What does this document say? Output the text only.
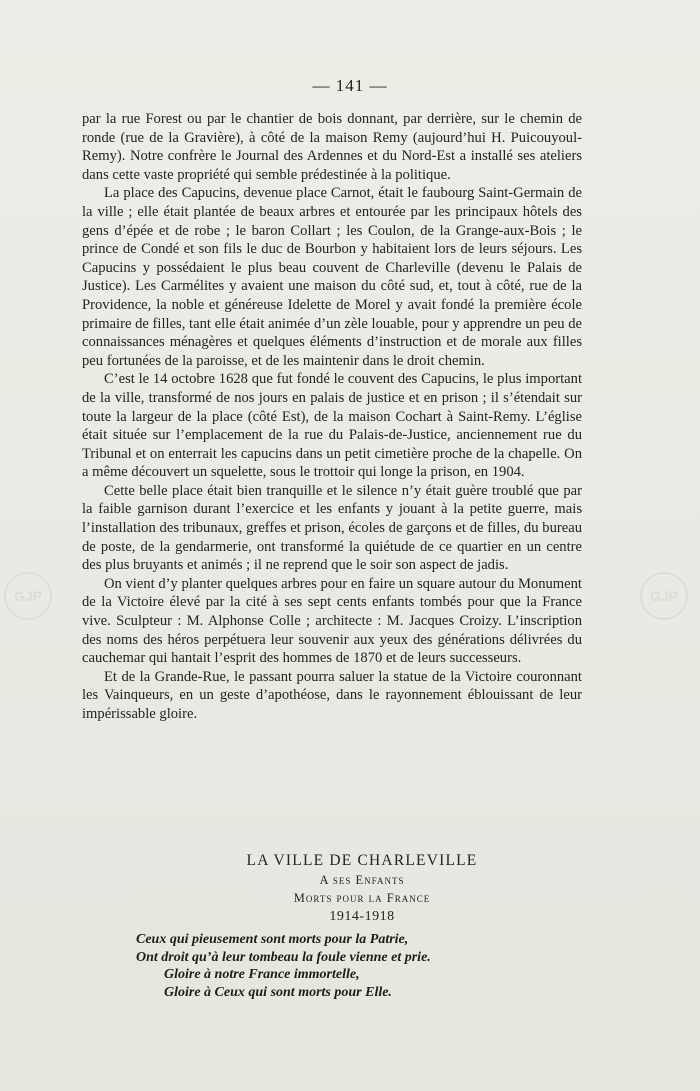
GJP	GJP
— 141 —

par la rue Forest ou par le chantier de bois donnant, par derrière, sur le chemin de ronde (rue de la Gravière), à côté de la maison Remy (aujourd’hui H. Puicouyoul-Remy). Notre confrère le Journal des Ardennes et du Nord-Est a installé ses ateliers dans cette vaste propriété qui semble prédestinée à la politique.

La place des Capucins, devenue place Carnot, était le faubourg Saint-Germain de la ville ; elle était plantée de beaux arbres et entourée par les principaux hôtels des gens d’épée et de robe ; le baron Collart ; les Coulon, de la Grange-aux-Bois ; le prince de Condé et son fils le duc de Bourbon y habitaient lors de leurs séjours. Les Capucins y possédaient le plus beau couvent de Charleville (devenu le Palais de Justice). Les Carmélites y avaient une maison du côté sud, et, tout à côté, rue de la Providence, la noble et généreuse Idelette de Morel y avait fondé la première école primaire de filles, tant elle était animée d’un zèle louable, pour y apprendre un peu de connaissances ménagères et quelques éléments d’instruction et de morale aux filles peu fortunées de la paroisse, et de les maintenir dans le droit chemin.

C’est le 14 octobre 1628 que fut fondé le couvent des Capucins, le plus important de la ville, transformé de nos jours en palais de justice et en prison ; il s’étendait sur toute la largeur de la place (côté Est), de la maison Cochart à Saint-Remy. L’église était située sur l’emplacement de la rue du Palais-de-Justice, anciennement rue du Tribunal et on enterrait les capucins dans un petit cimetière proche de la chapelle. On a même découvert un squelette, sous le trottoir qui longe la prison, en 1904.

Cette belle place était bien tranquille et le silence n’y était guère troublé que par la faible garnison durant l’exercice et les enfants y jouant à la petite guerre, mais l’installation des tribunaux, greffes et prison, écoles de garçons et de filles, du bureau de poste, de la gendarmerie, ont transformé la quiétude de ce quartier en un centre des plus bruyants et animés ; il ne reprend que le soir son aspect de jadis.

On vient d’y planter quelques arbres pour en faire un square autour du Monument de la Victoire élevé par la cité à ses sept cents enfants tombés pour que la France vive. Sculpteur : M. Alphonse Colle ; architecte : M. Jacques Croizy. L’inscription des noms des héros perpétuera leur souvenir aux yeux des générations délivrées du cauchemar qui hantait l’esprit des hommes de 1870 et de leurs successeurs.

Et de la Grande-Rue, le passant pourra saluer la statue de la Victoire couronnant les Vainqueurs, en un geste d’apothéose, dans le rayonnement éblouissant de leur impérissable gloire.

LA VILLE DE CHARLEVILLE
A ses Enfants
Morts pour la France
1914-1918
Ceux qui pieusement sont morts pour la Patrie,
Ont droit qu’à leur tombeau la foule vienne et prie.
Gloire à notre France immortelle,
Gloire à Ceux qui sont morts pour Elle.
